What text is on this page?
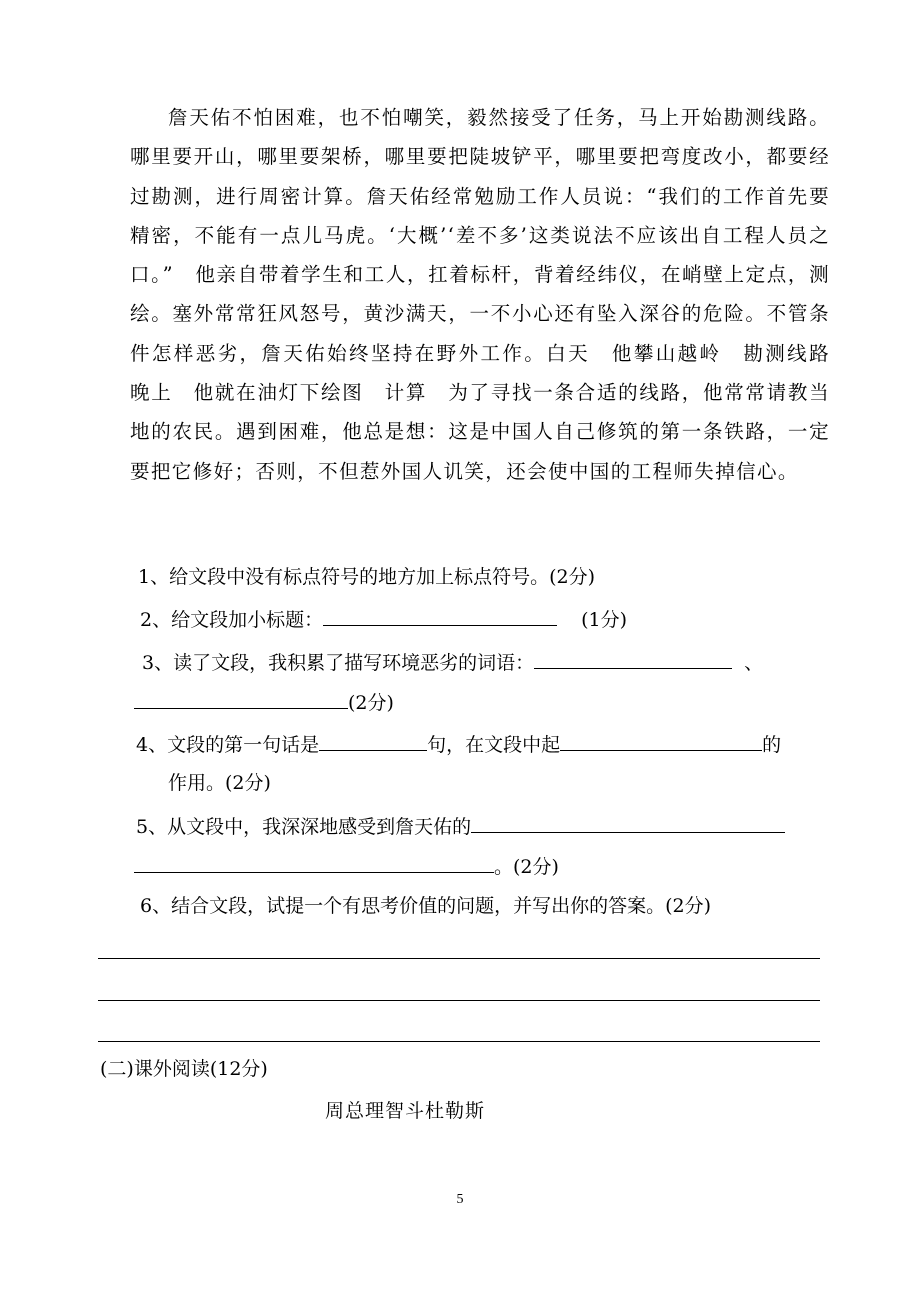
詹天佑不怕困难，也不怕嘲笑，毅然接受了任务，马上开始勘测线路。哪里要开山，哪里要架桥，哪里要把陡坡铲平，哪里要把弯度改小，都要经过勘测，进行周密计算。詹天佑经常勉励工作人员说：“我们的工作首先要精密，不能有一点儿马虎。‘大概’‘差不多’这类说法不应该出自工程人员之口。”　他亲自带着学生和工人，扛着标杆，背着经纬仪，在峭壁上定点，测绘。塞外常常狂风怒号，黄沙满天，一不小心还有坠入深谷的危险。不管条件怎样恶劣，詹天佑始终坚持在野外工作。白天　他攀山越岭　勘测线路　晚上　他就在油灯下绘图　计算　为了寻找一条合适的线路，他常常请教当地的农民。遇到困难，他总是想：这是中国人自己修筑的第一条铁路，一定要把它修好；否则，不但惹外国人讥笑，还会使中国的工程师失掉信心。

1、给文段中没有标点符号的地方加上标点符号。(2分)
2、给文段加小标题：	(1分)
3、读了文段，我积累了描写环境恶劣的词语：	、
(2分)
4、文段的第一句话是	句，在文段中起	的
作用。(2分)
5、从文段中，我深深地感受到詹天佑的
。(2分)
6、结合文段，试提一个有思考价值的问题，并写出你的答案。(2分)
(二)课外阅读(12分)
周总理智斗杜勒斯
5
